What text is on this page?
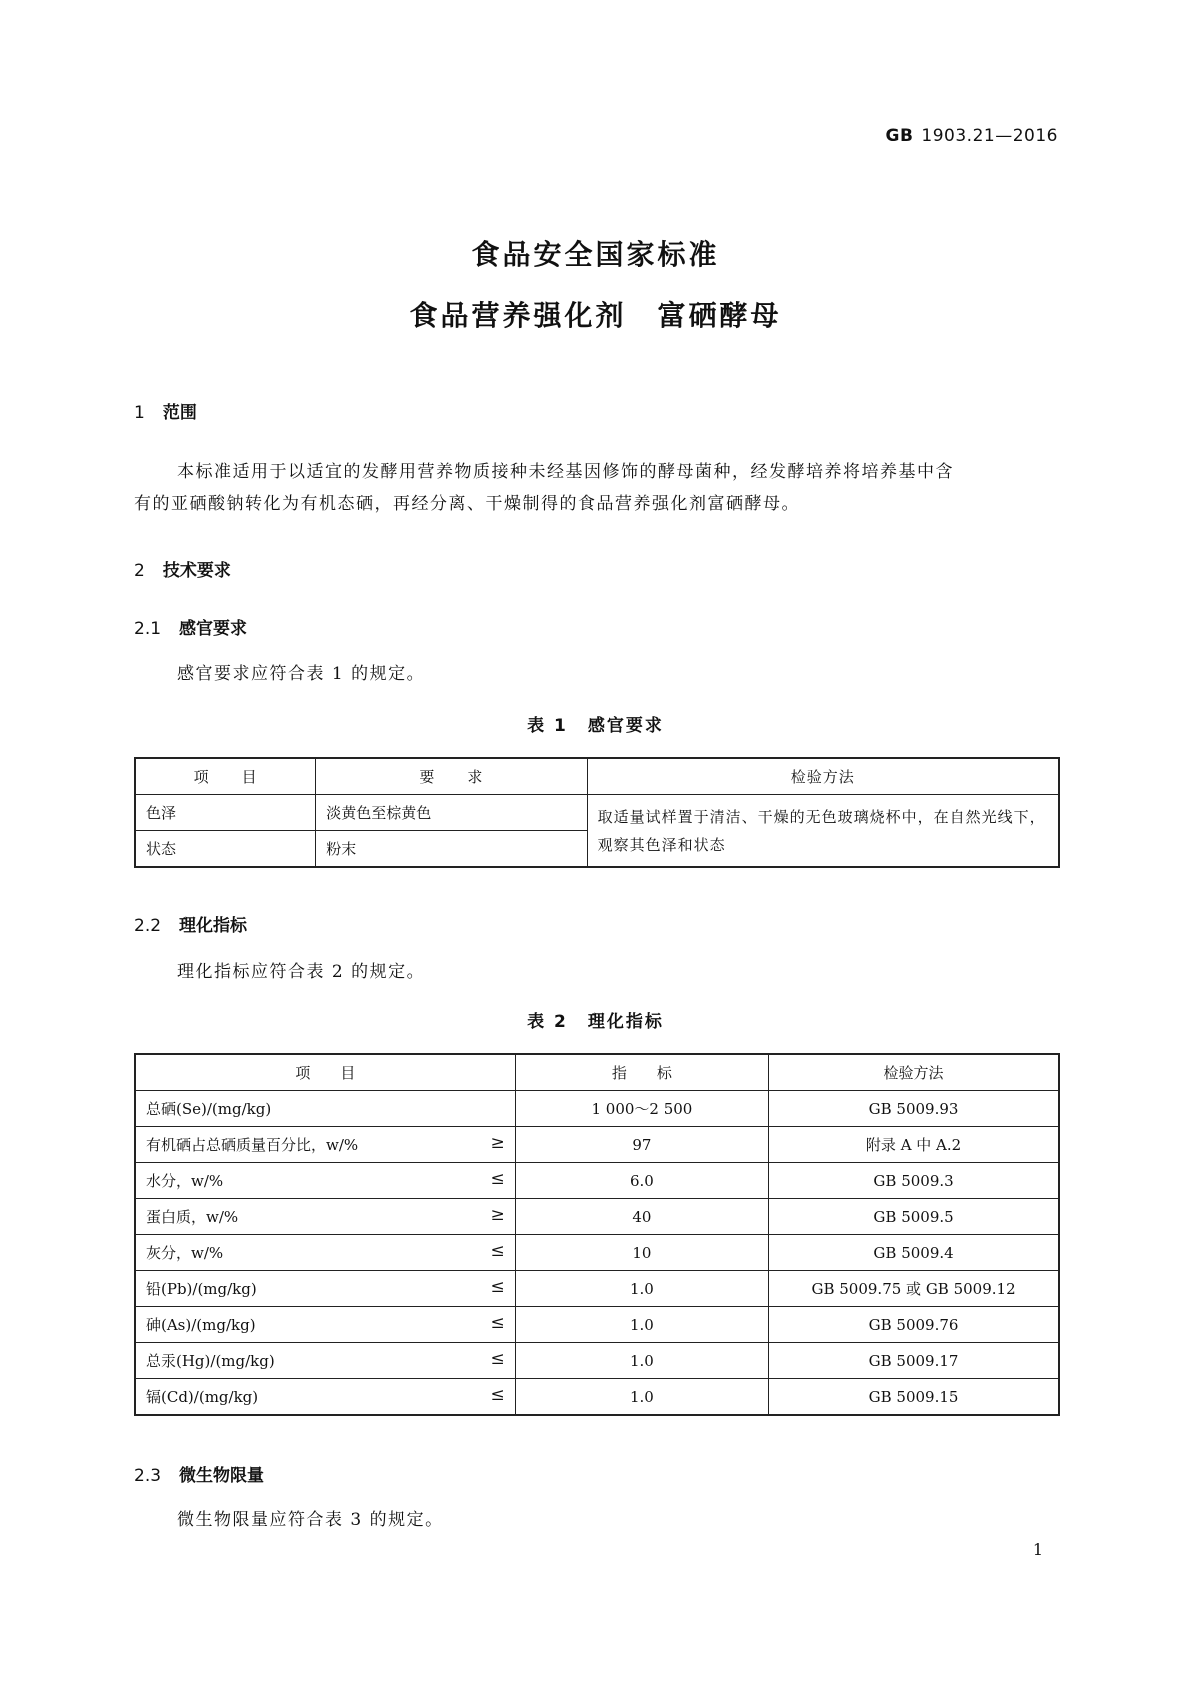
GB 1903.21—2016
食品安全国家标准
食品营养强化剂　富硒酵母
1 范围
本标准适用于以适宜的发酵用营养物质接种未经基因修饰的酵母菌种，经发酵培养将培养基中含
有的亚硒酸钠转化为有机态硒，再经分离、干燥制得的食品营养强化剂富硒酵母。
2 技术要求
2.1 感官要求
感官要求应符合表 1 的规定。
表 1 感官要求
项　　目	要　　求	检验方法
色泽	淡黄色至棕黄色	取适量试样置于清洁、干燥的无色玻璃烧杯中，在自然光线下，观察其色泽和状态
状态	粉末	
2.2 理化指标
理化指标应符合表 2 的规定。
表 2 理化指标
项　　目	指　　标	检验方法
总硒(Se)/(mg/kg)	1 000～2 500	GB 5009.93
有机硒占总硒质量百分比，w/% ≥	97	附录 A 中 A.2
水分，w/% ≤	6.0	GB 5009.3
蛋白质，w/% ≥	40	GB 5009.5
灰分，w/% ≤	10	GB 5009.4
铅(Pb)/(mg/kg) ≤	1.0	GB 5009.75 或 GB 5009.12
砷(As)/(mg/kg) ≤	1.0	GB 5009.76
总汞(Hg)/(mg/kg) ≤	1.0	GB 5009.17
镉(Cd)/(mg/kg) ≤	1.0	GB 5009.15
2.3 微生物限量
微生物限量应符合表 3 的规定。
1
